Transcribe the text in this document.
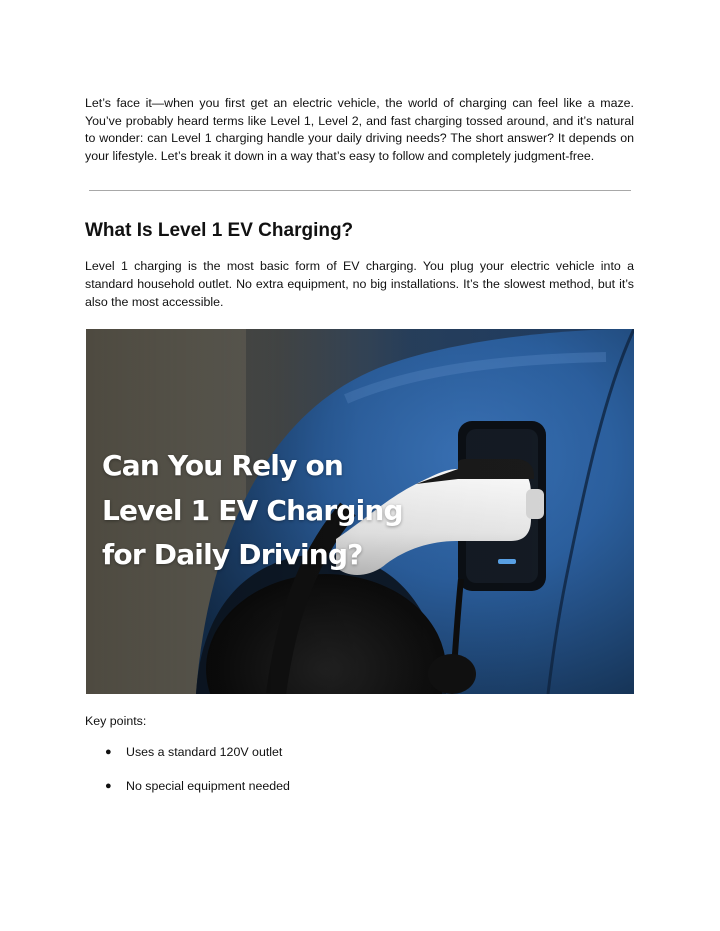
Let’s face it—when you first get an electric vehicle, the world of charging can feel like a maze. You’ve probably heard terms like Level 1, Level 2, and fast charging tossed around, and it’s natural to wonder: can Level 1 charging handle your daily driving needs? The short answer? It depends on your lifestyle. Let’s break it down in a way that’s easy to follow and completely judgment-free.

What Is Level 1 EV Charging?

Level 1 charging is the most basic form of EV charging. You plug your electric vehicle into a standard household outlet. No extra equipment, no big installations. It’s the slowest method, but it’s also the most accessible.

Can You Rely on
Level 1 EV Charging
for Daily Driving?

Key points:

● Uses a standard 120V outlet
● No special equipment needed
